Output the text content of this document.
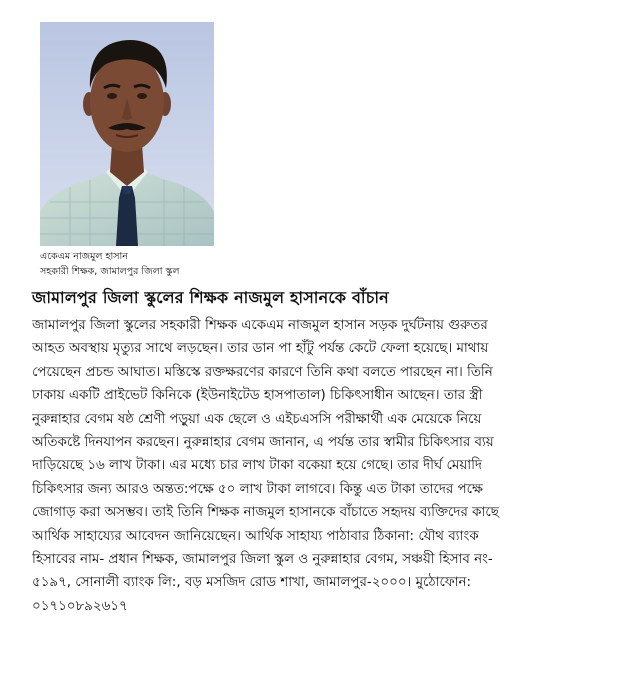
একেএম নাজমুল হাসান
সহকারী শিক্ষক, জামালপুর জিলা স্কুল
জামালপুর জিলা স্কুলের শিক্ষক নাজমুল হাসানকে বাঁচান
জামালপুর জিলা স্কুলের সহকারী শিক্ষক একেএম নাজমুল হাসান সড়ক দুর্ঘটনায় গুরুতর
আহত অবস্থায় মৃত্যুর সাথে লড়ছেন। তার ডান পা হাঁটু পর্যন্ত কেটে ফেলা হয়েছে। মাথায়
পেয়েছেন প্রচন্ড আঘাত। মস্তিস্কে রক্তক্ষরণের কারণে তিনি কথা বলতে পারছেন না। তিনি
ঢাকায় একটি প্রাইভেট কিনিকে (ইউনাইটেড হাসপাতাল) চিকিৎসাধীন আছেন। তার স্ত্রী
নুরুন্নাহার বেগম ষষ্ঠ শ্রেণী পড়ুয়া এক ছেলে ও এইচএসসি পরীক্ষার্থী এক মেয়েকে নিয়ে
অতিকষ্টে দিনযাপন করছেন। নুরুন্নাহার বেগম জানান, এ পর্যন্ত তার স্বামীর চিকিৎসার ব্যয়
দাড়িয়েছে ১৬ লাখ টাকা। এর মধ্যে চার লাখ টাকা বকেয়া হয়ে গেছে। তার দীর্ঘ মেয়াদি
চিকিৎসার জন্য আরও অন্তত:পক্ষে ৫০ লাখ টাকা লাগবে। কিন্তু এত টাকা তাদের পক্ষে
জোগাড় করা অসম্ভব। তাই তিনি শিক্ষক নাজমুল হাসানকে বাঁচাতে সহৃদয় ব্যক্তিদের কাছে
আর্থিক সাহায্যের আবেদন জানিয়েছেন। আর্থিক সাহায্য পাঠাবার ঠিকানা: যৌথ ব্যাংক
হিসাবের নাম- প্রধান শিক্ষক, জামালপুর জিলা স্কুল ও নুরুন্নাহার বেগম, সঞ্চয়ী হিসাব নং-
৫১৯৭, সোনালী ব্যাংক লি:, বড় মসজিদ রোড শাখা, জামালপুর-২০০০। মুঠোফোন:
০১৭১০৮৯২৬১৭
